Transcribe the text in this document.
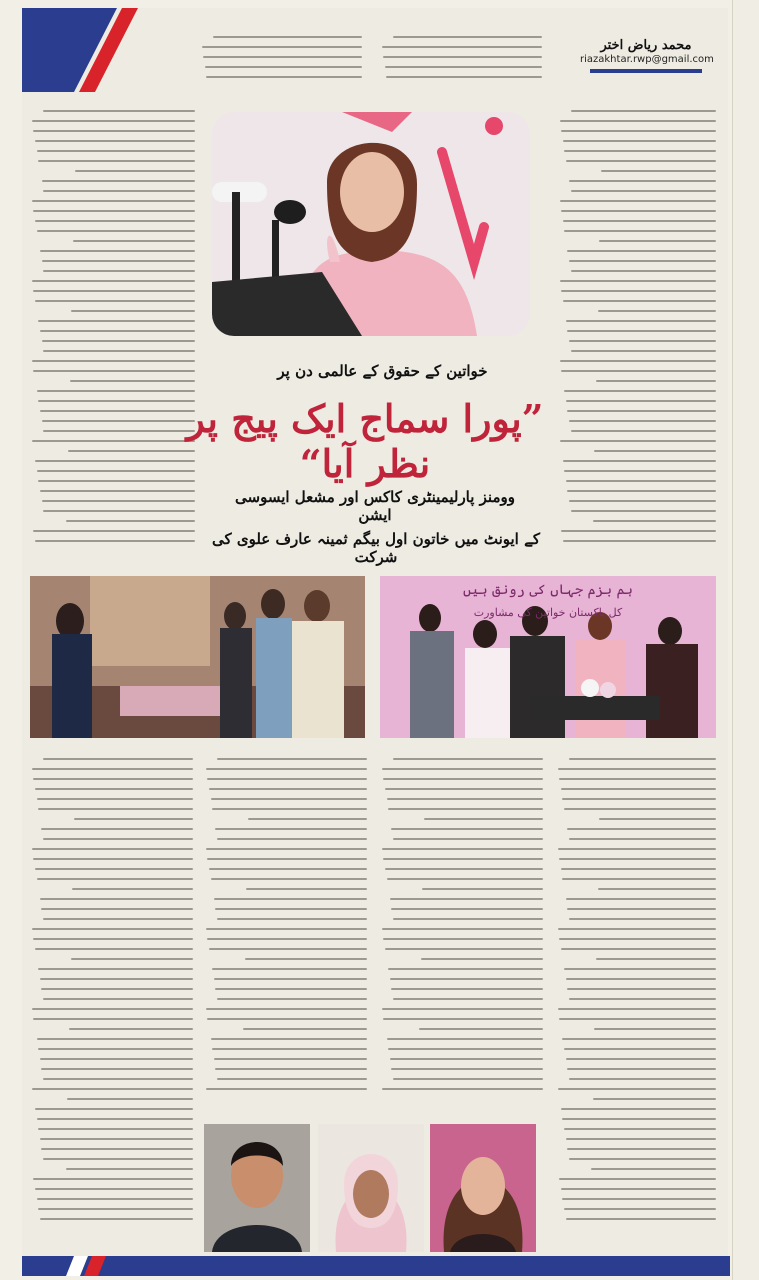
محمد ریاض اختر
riazakhtar.rwp@gmail.com
خواتین کے حقوق کے عالمی دن پر
”پورا سماج ایک پیج پر نظر آیا“
وومنز پارلیمینٹری کاکس اور مشعل ایسوسی ایشن
کے ایونٹ میں خاتون اول بیگم ثمینہ عارف علوی کی شرکت
ہم بزم جہاں کی رونق ہیں
کل پاکستان خواتین کی مشاورت
